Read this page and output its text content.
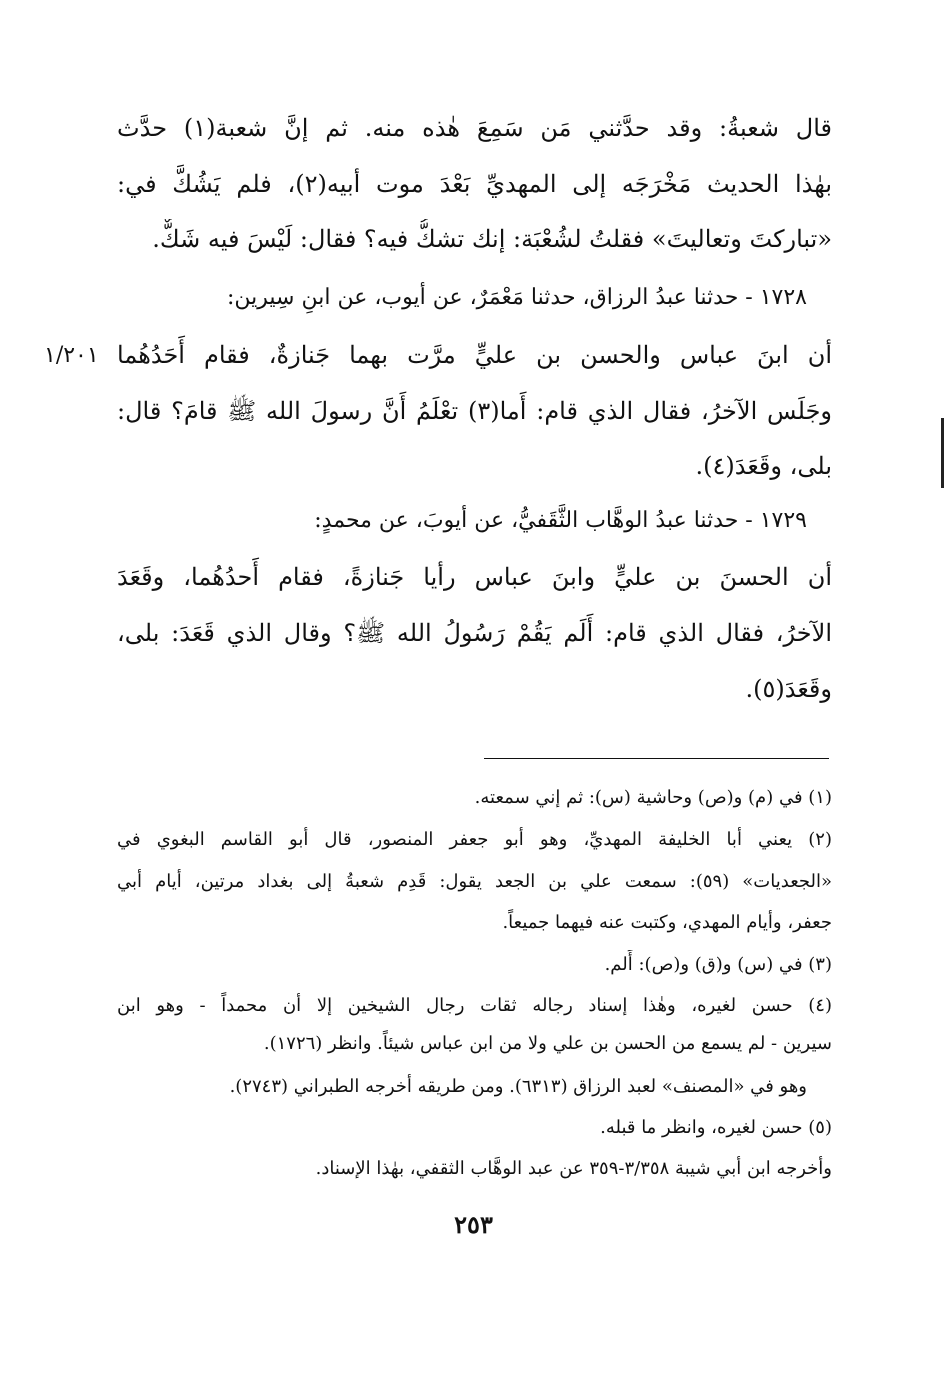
قال شعبةُ: وقد حدَّثني مَن سَمِعَ هٰذه منه. ثم إنَّ شعبة(١) حدَّث
بهٰذا الحديث مَخْرَجَه إلى المهديِّ بَعْدَ موت أبيه(٢)، فلم يَشُكَّ في:
«تباركتَ وتعاليتَ» فقلتُ لشُعْبَة: إنك تشكُّ فيه؟ فقال: لَيْسَ فيه شَكٌّ.
١٧٢٨ - حدثنا عبدُ الرزاق، حدثنا مَعْمَرٌ، عن أيوب، عن ابنِ سِيرين:
أن ابنَ عباس والحسن بن عليٍّ مرَّت بهما جَنازةٌ، فقام أَحَدُهُما
وجَلَس الآخرُ، فقال الذي قام: أَما(٣) تعْلَمُ أَنَّ رسولَ الله ﷺ قامَ؟ قال:
بلى، وقَعَدَ(٤).
١/٢٠١
١٧٢٩ - حدثنا عبدُ الوهَّاب الثَّقَفيُّ، عن أيوبَ، عن محمدٍ:
أن الحسنَ بن عليٍّ وابنَ عباس رأيا جَنازةً، فقام أَحدُهُما، وقَعَدَ
الآخرُ، فقال الذي قام: أَلَم يَقُمْ رَسُولُ الله ﷺ؟ وقال الذي قَعَدَ: بلى،
وقَعَدَ(٥).
(١) في (م) و(ص) وحاشية (س): ثم إني سمعته.
(٢) يعني أبا الخليفة المهديِّ، وهو أبو جعفر المنصور، قال أبو القاسم البغوي في
«الجعديات» (٥٩): سمعت علي بن الجعد يقول: قَدِم شعبةُ إلى بغداد مرتين، أيام أبي
جعفر، وأيام المهدي، وكتبت عنه فيهما جميعاً.
(٣) في (س) و(ق) و(ص): أَلم.
(٤) حسن لغيره، وهٰذا إسناد رجاله ثقات رجال الشيخين إلا أن محمداً - وهو ابن
سيرين - لم يسمع من الحسن بن علي ولا من ابن عباس شيئاً. وانظر (١٧٢٦).
وهو في «المصنف» لعبد الرزاق (٦٣١٣). ومن طريقه أخرجه الطبراني (٢٧٤٣).
(٥) حسن لغيره، وانظر ما قبله.
وأخرجه ابن أبي شيبة ٣/٣٥٨-٣٥٩ عن عبد الوهَّاب الثقفي، بهٰذا الإسناد.
٢٥٣
